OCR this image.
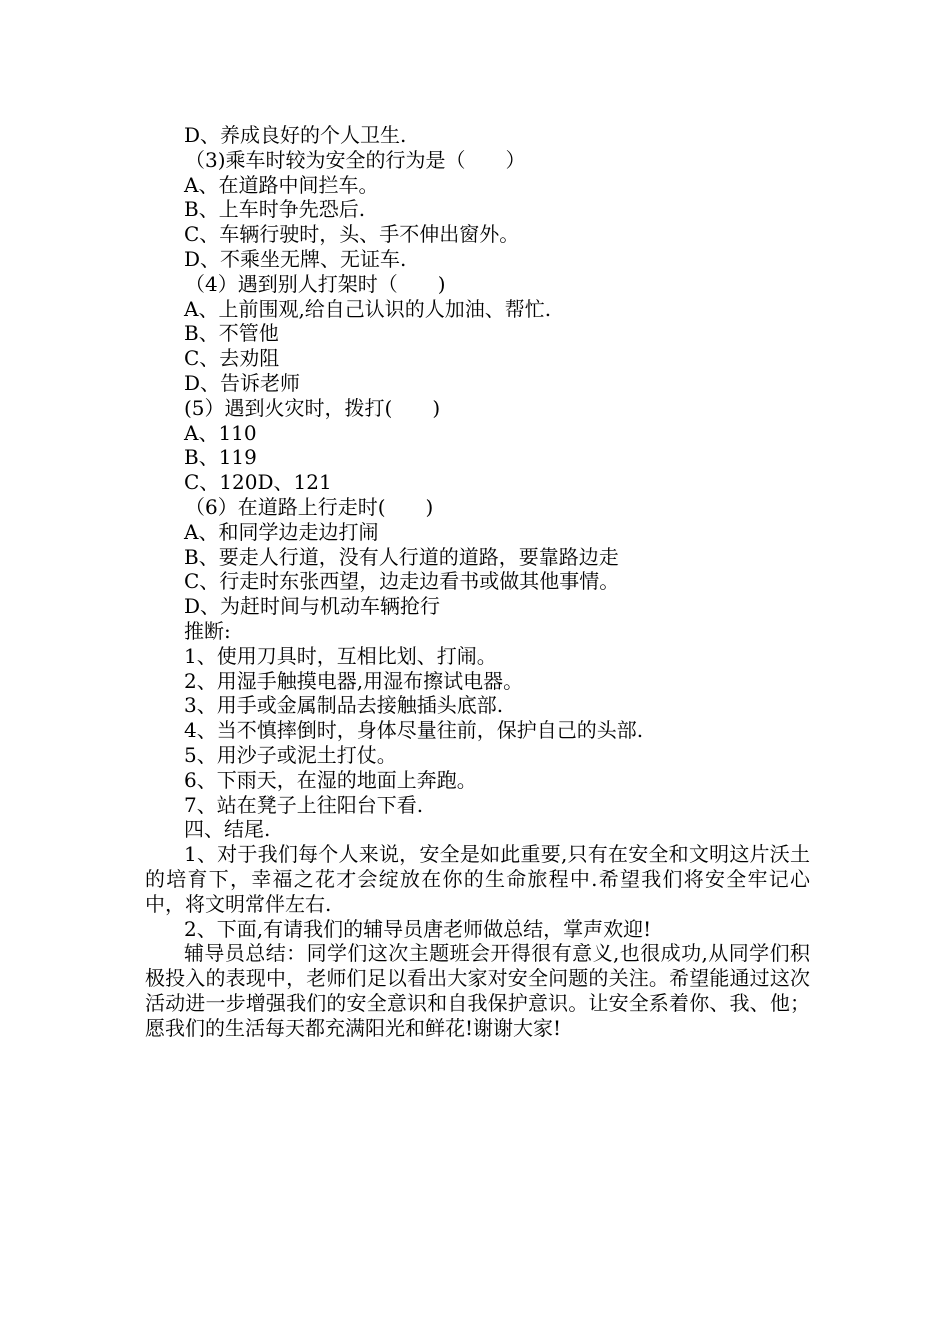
D、养成良好的个人卫生.
（3)乘车时较为安全的行为是（　　）
A、在道路中间拦车。
B、上车时争先恐后.
C、车辆行驶时，头、手不伸出窗外。
D、不乘坐无牌、无证车.
（4）遇到别人打架时（　　)
A、上前围观,给自己认识的人加油、帮忙.
B、不管他
C、去劝阻
D、告诉老师
(5）遇到火灾时，拨打(　　)
A、110
B、119
C、120D、121
（6）在道路上行走时(　　)
A、和同学边走边打闹
B、要走人行道，没有人行道的道路，要靠路边走
C、行走时东张西望，边走边看书或做其他事情。
D、为赶时间与机动车辆抢行
推断:
1、使用刀具时，互相比划、打闹。
2、用湿手触摸电器,用湿布擦试电器。
3、用手或金属制品去接触插头底部.
4、当不慎摔倒时，身体尽量往前，保护自己的头部.
5、用沙子或泥土打仗。
6、下雨天，在湿的地面上奔跑。
7、站在凳子上往阳台下看.
四、结尾.
1、对于我们每个人来说，安全是如此重要,只有在安全和文明这片沃土的培育下，幸福之花才会绽放在你的生命旅程中.希望我们将安全牢记心中，将文明常伴左右.
2、下面,有请我们的辅导员唐老师做总结，掌声欢迎!
辅导员总结：同学们这次主题班会开得很有意义,也很成功,从同学们积极投入的表现中，老师们足以看出大家对安全问题的关注。希望能通过这次活动进一步增强我们的安全意识和自我保护意识。让安全系着你、我、他；愿我们的生活每天都充满阳光和鲜花!谢谢大家!
